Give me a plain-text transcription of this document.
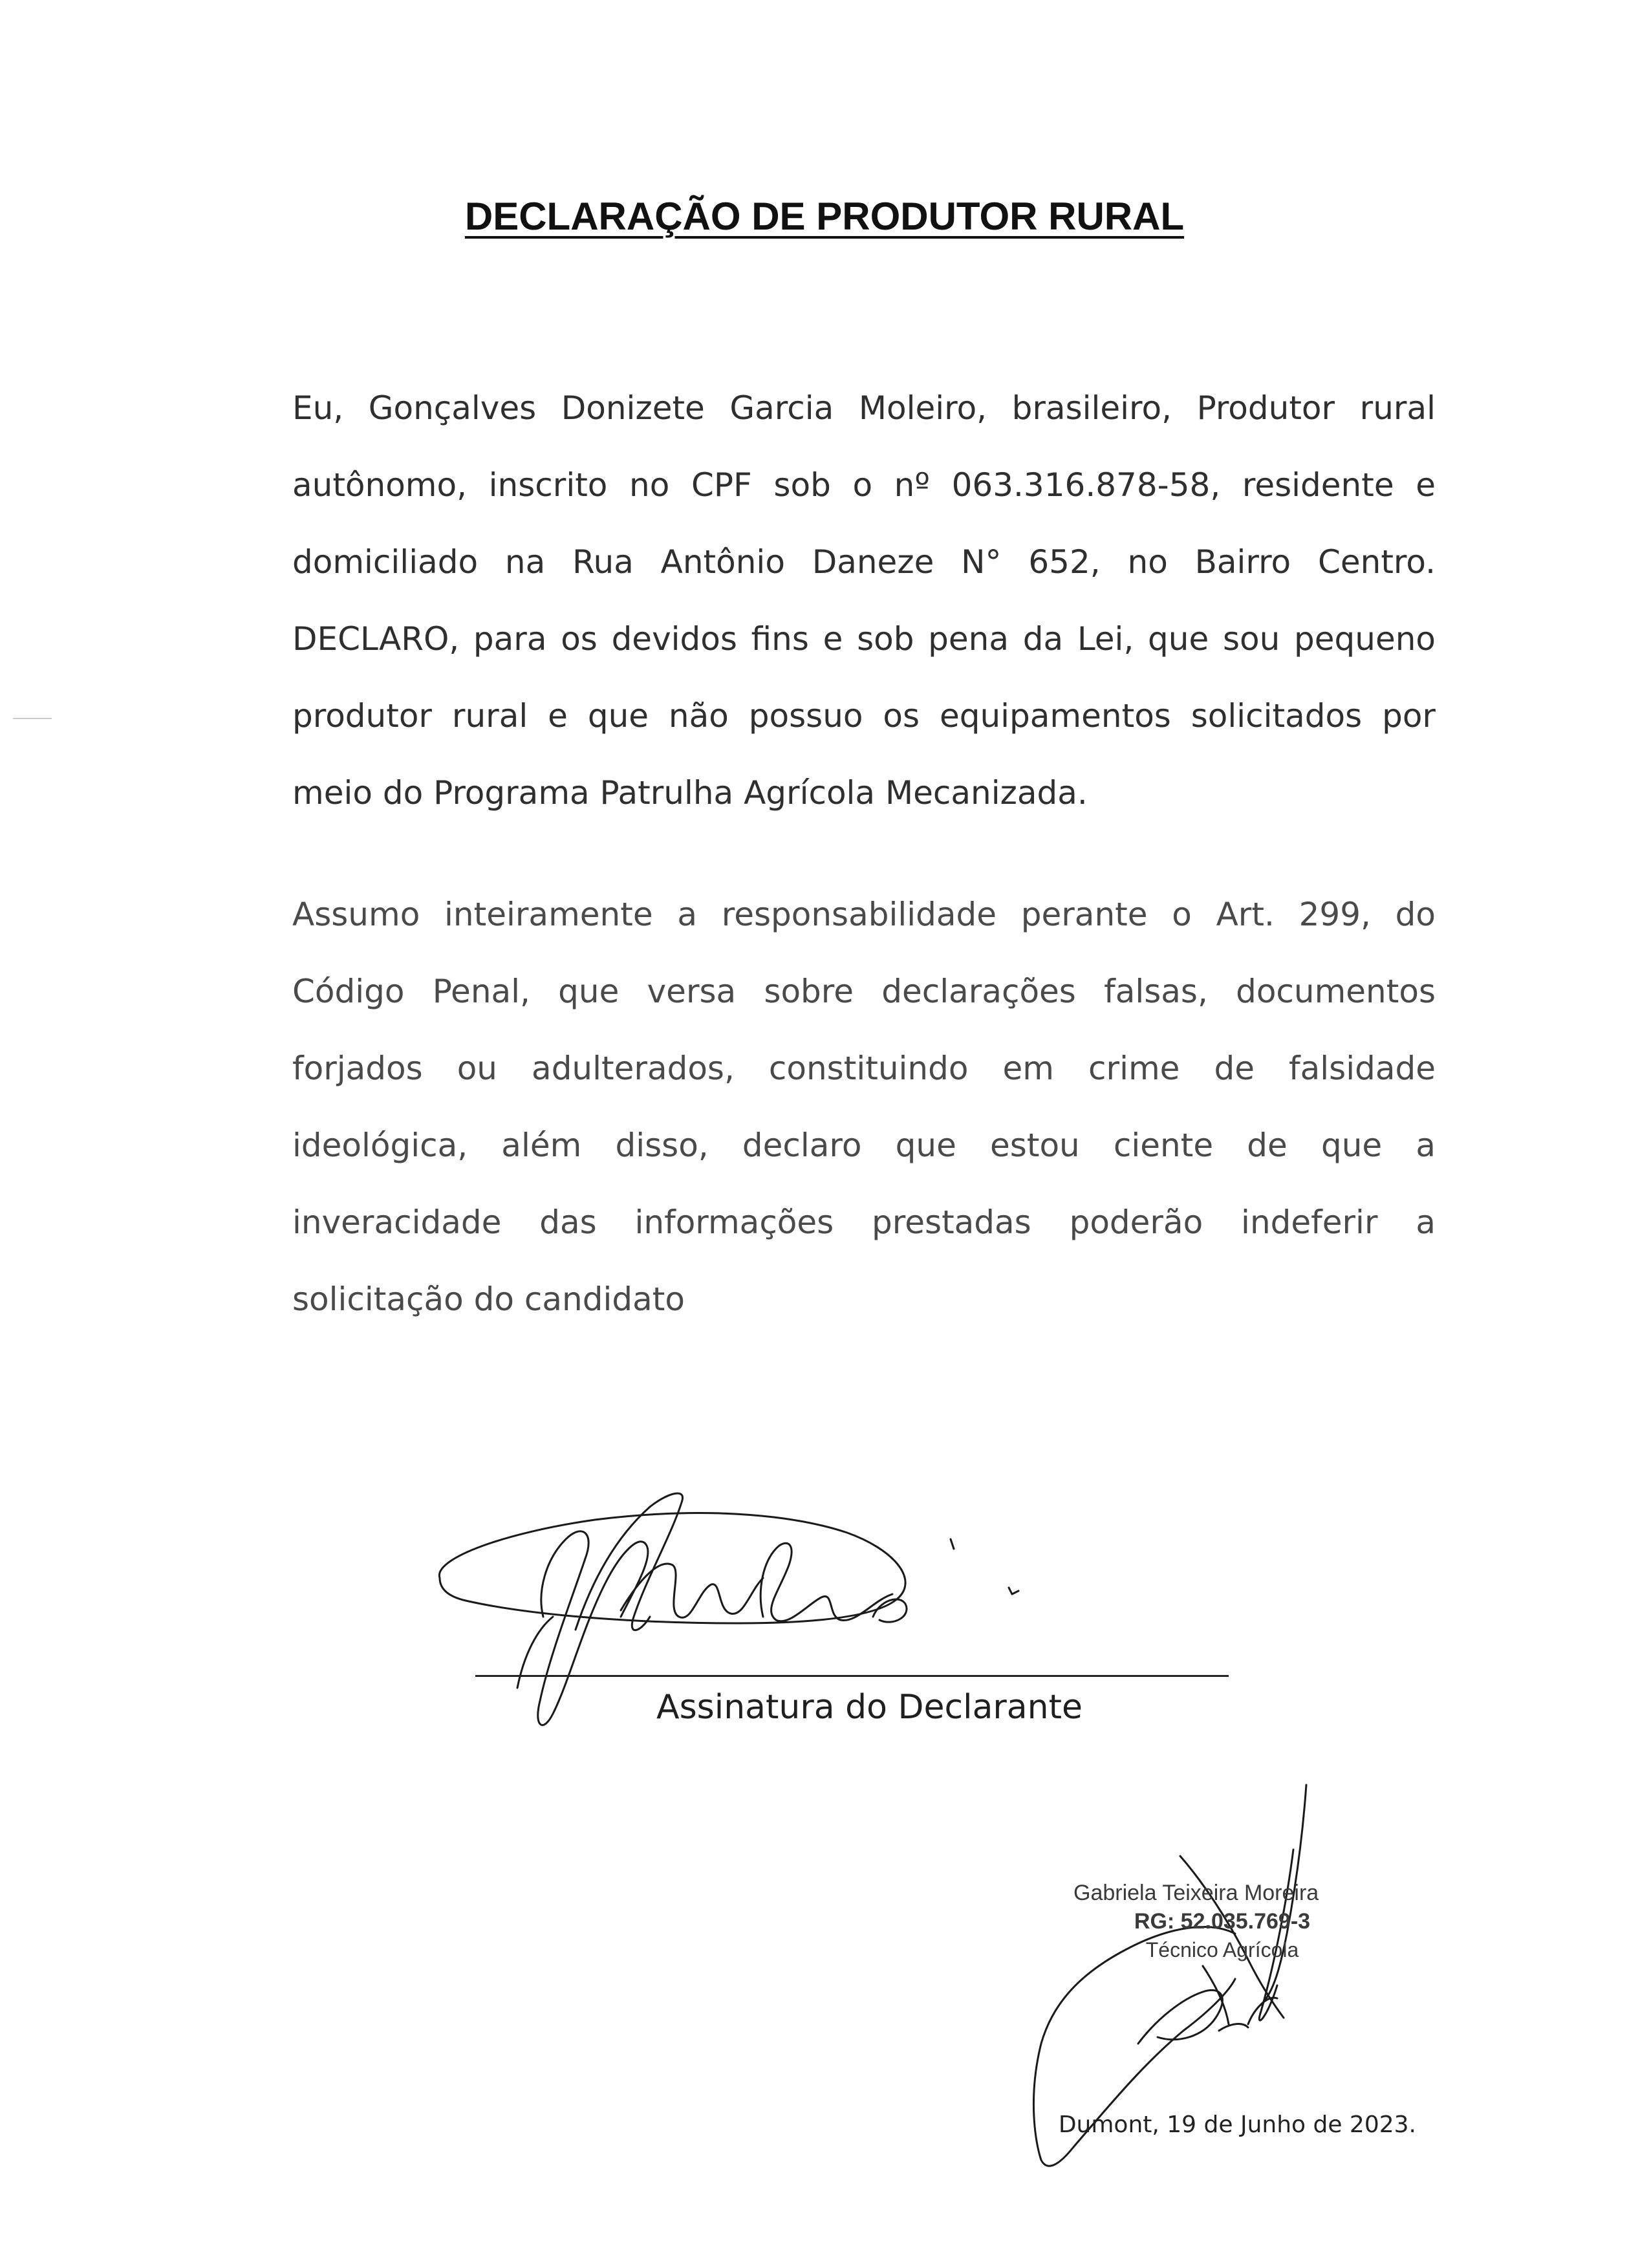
DECLARAÇÃO DE PRODUTOR RURAL

Eu, Gonçalves Donizete Garcia Moleiro, brasileiro, Produtor rural autônomo, inscrito no CPF sob o nº 063.316.878-58, residente e domiciliado na Rua Antônio Daneze N° 652, no Bairro Centro. DECLARO, para os devidos fins e sob pena da Lei, que sou pequeno produtor rural e que não possuo os equipamentos solicitados por meio do Programa Patrulha Agrícola Mecanizada.

Assumo inteiramente a responsabilidade perante o Art. 299, do Código Penal, que versa sobre declarações falsas, documentos forjados ou adulterados, constituindo em crime de falsidade ideológica, além disso, declaro que estou ciente de que a inveracidade das informações prestadas poderão indeferir a solicitação do candidato

Assinatura do Declarante
Gabriela Teixeira Moreira
RG: 52.035.769-3
Técnico Agrícola
Dumont, 19 de Junho de 2023.
